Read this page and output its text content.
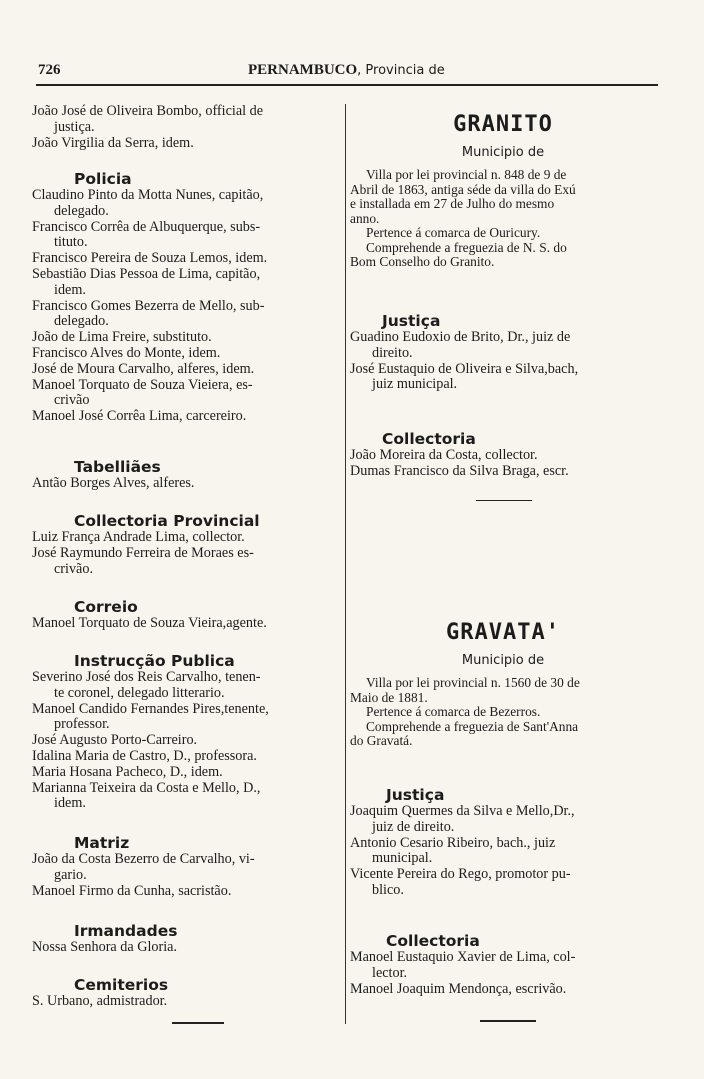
726	PERNAMBUCO, Provincia de
João José de Oliveira Bombo, official de
justiça.
João Virgilia da Serra, idem.
Policia
Claudino Pinto da Motta Nunes, capitão,
delegado.
Francisco Corrêa de Albuquerque, subs-
tituto.
Francisco Pereira de Souza Lemos, idem.
Sebastião Dias Pessoa de Lima, capitão,
idem.
Francisco Gomes Bezerra de Mello, sub-
delegado.
João de Lima Freire, substituto.
Francisco Alves do Monte, idem.
José de Moura Carvalho, alferes, idem.
Manoel Torquato de Souza Vieiera, es-
crivão
Manoel José Corrêa Lima, carcereiro.
Tabelliães
Antão Borges Alves, alferes.
Collectoria Provincial
Luiz França Andrade Lima, collector.
José Raymundo Ferreira de Moraes es-
crivão.
Correio
Manoel Torquato de Souza Vieira,agente.
Instrucção Publica
Severino José dos Reis Carvalho, tenen-
te coronel, delegado litterario.
Manoel Candido Fernandes Pires,tenente,
professor.
José Augusto Porto-Carreiro.
Idalina Maria de Castro, D., professora.
Maria Hosana Pacheco, D., idem.
Marianna Teixeira da Costa e Mello, D.,
idem.
Matriz
João da Costa Bezerro de Carvalho, vi-
gario.
Manoel Firmo da Cunha, sacristão.
Irmandades
Nossa Senhora da Gloria.
Cemiterios
S. Urbano, admistrador.
GRANITO
Municipio de
Villa por lei provincial n. 848 de 9 de
Abril de 1863, antiga séde da villa do Exú
e installada em 27 de Julho do mesmo
anno.
Pertence á comarca de Ouricury.
Comprehende a freguezia de N. S. do
Bom Conselho do Granito.
Justiça
Guadino Eudoxio de Brito, Dr., juiz de
direito.
José Eustaquio de Oliveira e Silva,bach,
juiz municipal.
Collectoria
João Moreira da Costa, collector.
Dumas Francisco da Silva Braga, escr.
GRAVATA'
Municipio de
Villa por lei provincial n. 1560 de 30 de
Maio de 1881.
Pertence á comarca de Bezerros.
Comprehende a freguezia de Sant'Anna
do Gravatá.
Justiça
Joaquim Quermes da Silva e Mello,Dr.,
juiz de direito.
Antonio Cesario Ribeiro, bach., juiz
municipal.
Vicente Pereira do Rego, promotor pu-
blico.
Collectoria
Manoel Eustaquio Xavier de Lima, col-
lector.
Manoel Joaquim Mendonça, escrivão.
